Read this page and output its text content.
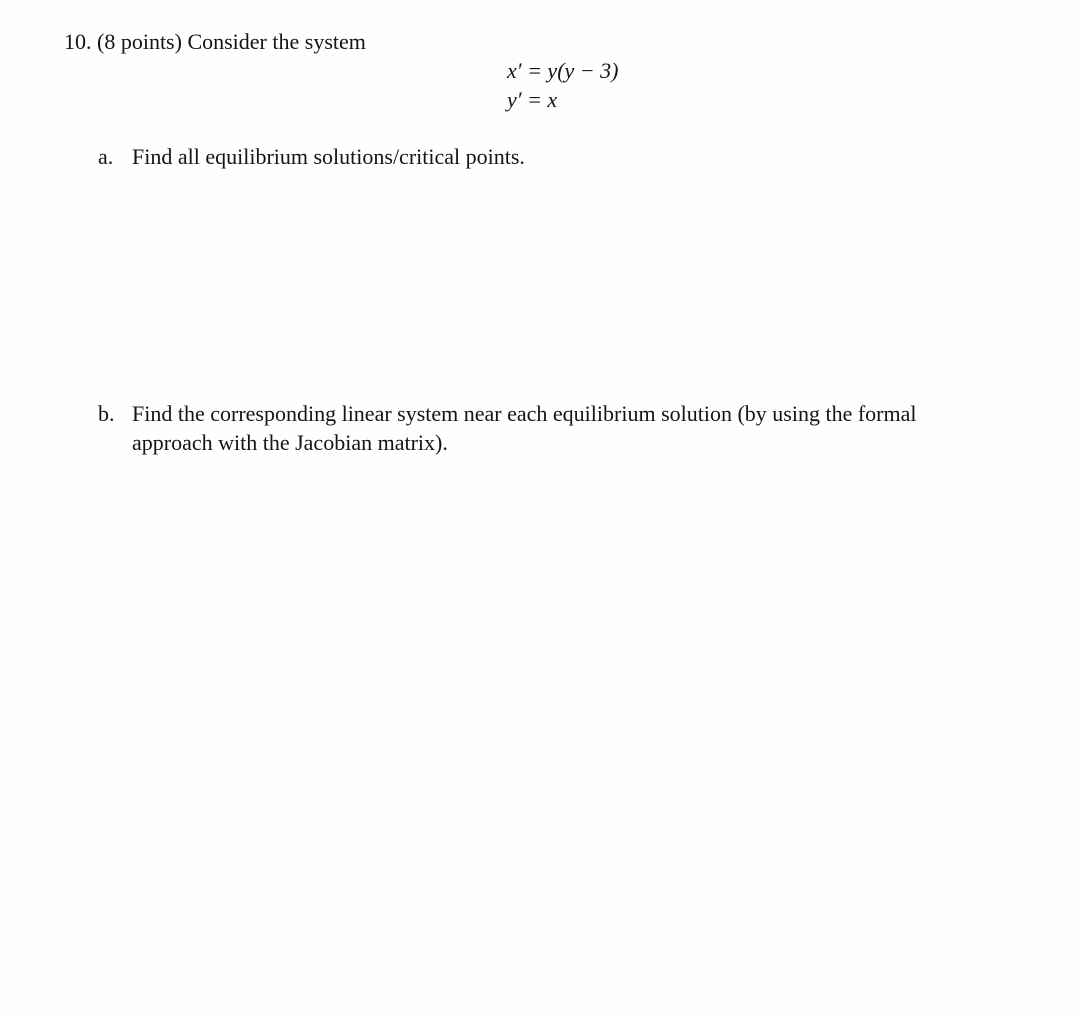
10. (8 points) Consider the system
x′ = y(y − 3)
y′ = x
a. Find all equilibrium solutions/critical points.
b. Find the corresponding linear system near each equilibrium solution (by using the formal
approach with the Jacobian matrix).
